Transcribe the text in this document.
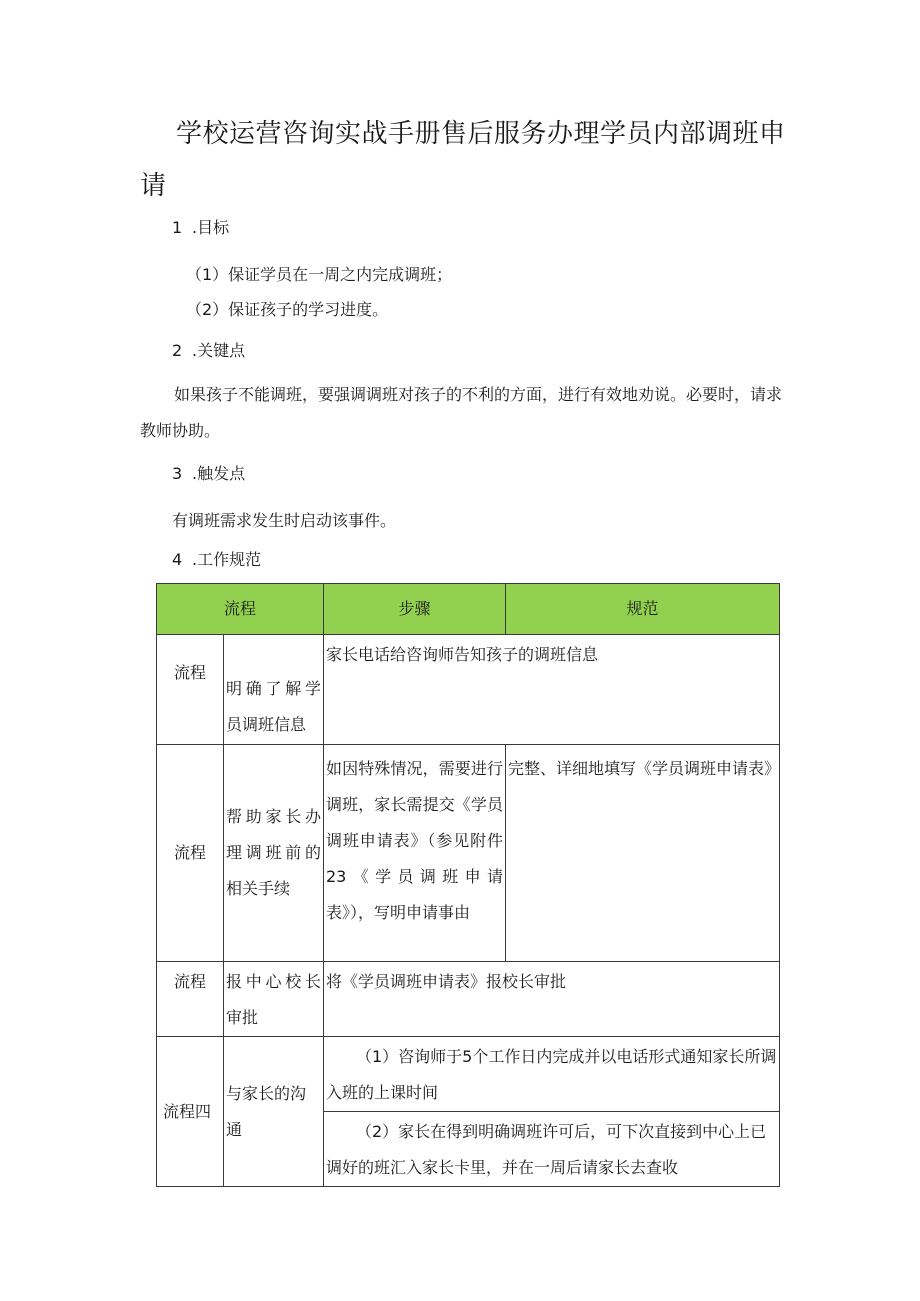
学校运营咨询实战手册售后服务办理学员内部调班申请

1 .目标

（1）保证学员在一周之内完成调班；

（2）保证孩子的学习进度。

2 .关键点

如果孩子不能调班，要强调调班对孩子的不利的方面，进行有效地劝说。必要时，请求教师协助。

3 .触发点

有调班需求发生时启动该事件。

4 .工作规范

流程		步骤	规范
流程	明确了解学员调班信息	家长电话给咨询师告知孩子的调班信息	
流程	帮助家长办理调班前的相关手续	如因特殊情况，需要进行调班，家长需提交《学员调班申请表》（参见附件23《学员调班申请表》），写明申请事由	完整、详细地填写《学员调班申请表》
流程	报中心校长审批	将《学员调班申请表》报校长审批	
流程四	与家长的沟通	（1）咨询师于5个工作日内完成并以电话形式通知家长所调入班的上课时间	
		（2）家长在得到明确调班许可后，可下次直接到中心上已调好的班汇入家长卡里，并在一周后请家长去查收	
